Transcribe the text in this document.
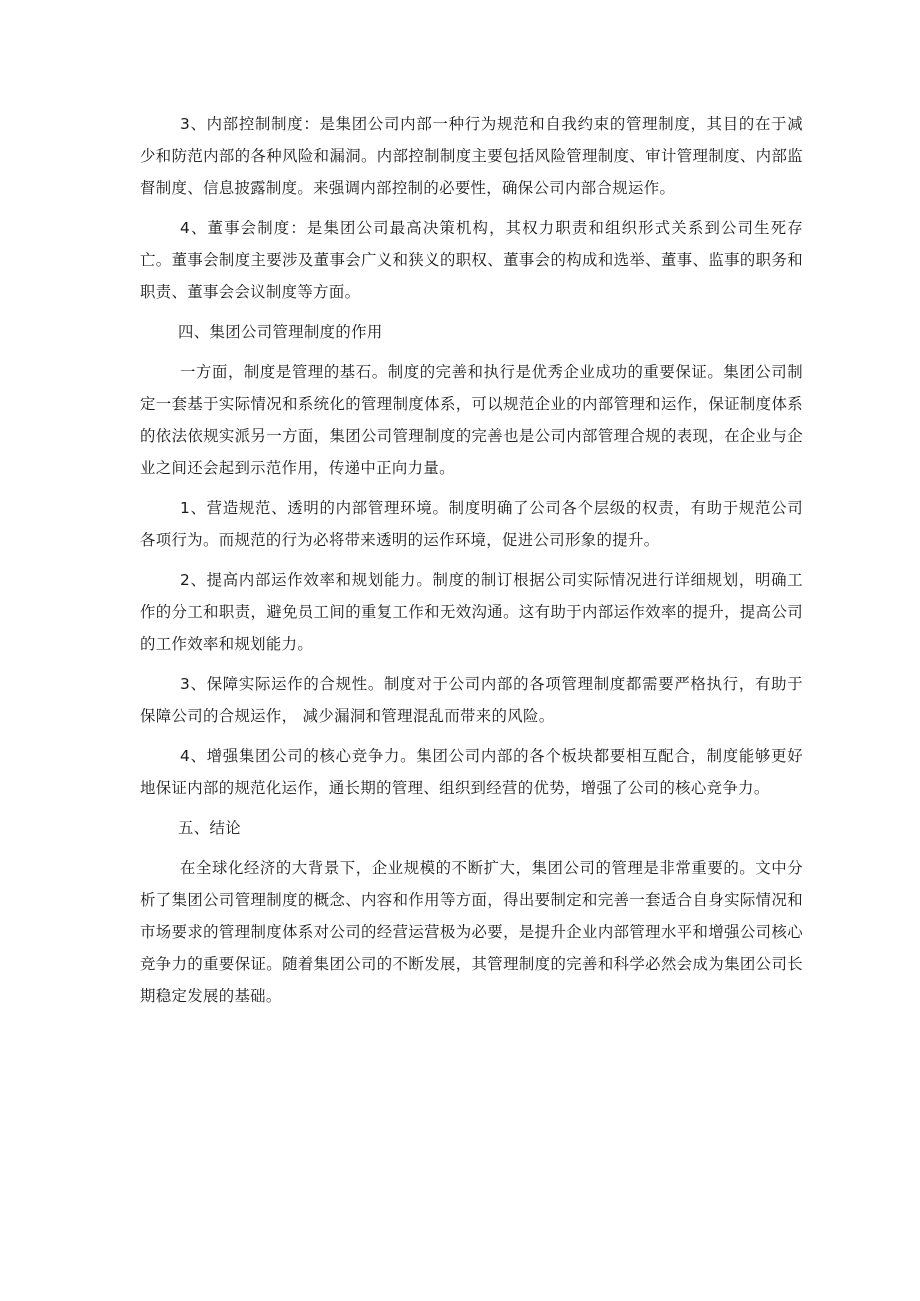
3、内部控制制度：是集团公司内部一种行为规范和自我约束的管理制度，其目的在于减少和防范内部的各种风险和漏洞。内部控制制度主要包括风险管理制度、审计管理制度、内部监督制度、信息披露制度。来强调内部控制的必要性，确保公司内部合规运作。

4、董事会制度：是集团公司最高决策机构，其权力职责和组织形式关系到公司生死存亡。董事会制度主要涉及董事会广义和狭义的职权、董事会的构成和选举、董事、监事的职务和职责、董事会会议制度等方面。

四、集团公司管理制度的作用

一方面，制度是管理的基石。制度的完善和执行是优秀企业成功的重要保证。集团公司制定一套基于实际情况和系统化的管理制度体系，可以规范企业的内部管理和运作，保证制度体系的依法依规实派另一方面，集团公司管理制度的完善也是公司内部管理合规的表现，在企业与企业之间还会起到示范作用，传递中正向力量。

1、营造规范、透明的内部管理环境。制度明确了公司各个层级的权责，有助于规范公司各项行为。而规范的行为必将带来透明的运作环境，促进公司形象的提升。

2、提高内部运作效率和规划能力。制度的制订根据公司实际情况进行详细规划，明确工作的分工和职责，避免员工间的重复工作和无效沟通。这有助于内部运作效率的提升，提高公司的工作效率和规划能力。

3、保障实际运作的合规性。制度对于公司内部的各项管理制度都需要严格执行，有助于保障公司的合规运作， 减少漏洞和管理混乱而带来的风险。

4、增强集团公司的核心竞争力。集团公司内部的各个板块都要相互配合，制度能够更好地保证内部的规范化运作，通长期的管理、组织到经营的优势，增强了公司的核心竞争力。

五、结论

在全球化经济的大背景下，企业规模的不断扩大，集团公司的管理是非常重要的。文中分析了集团公司管理制度的概念、内容和作用等方面，得出要制定和完善一套适合自身实际情况和市场要求的管理制度体系对公司的经营运营极为必要，是提升企业内部管理水平和增强公司核心竞争力的重要保证。随着集团公司的不断发展，其管理制度的完善和科学必然会成为集团公司长期稳定发展的基础。
